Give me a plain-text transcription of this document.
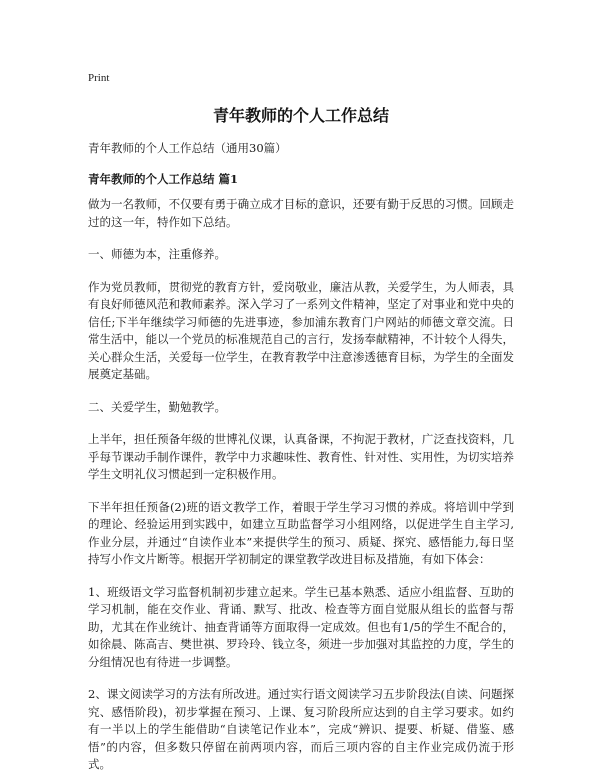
Print

青年教师的个人工作总结

青年教师的个人工作总结（通用30篇）

青年教师的个人工作总结 篇1

做为一名教师，不仅要有勇于确立成才目标的意识，还要有勤于反思的习惯。回顾走过的这一年，特作如下总结。

一、师德为本，注重修养。

作为党员教师，贯彻党的教育方针，爱岗敬业，廉洁从教，关爱学生，为人师表，具有良好师德风范和教师素养。深入学习了一系列文件精神，坚定了对事业和党中央的信任;下半年继续学习师德的先进事迹，参加浦东教育门户网站的师德文章交流。日常生活中，能以一个党员的标准规范自己的言行，发扬奉献精神，不计较个人得失，关心群众生活，关爱每一位学生，在教育教学中注意渗透德育目标，为学生的全面发展奠定基础。

二、关爱学生，勤勉教学。

上半年，担任预备年级的世博礼仪课，认真备课，不拘泥于教材，广泛查找资料，几乎每节课动手制作课件，教学中力求趣味性、教育性、针对性、实用性，为切实培养学生文明礼仪习惯起到一定积极作用。

下半年担任预备(2)班的语文教学工作，着眼于学生学习习惯的养成。将培训中学到的理论、经验运用到实践中，如建立互助监督学习小组网络，以促进学生自主学习,作业分层，并通过“自读作业本”来提供学生的预习、质疑、探究、感悟能力,每日坚持写小作文片断等。根据开学初制定的课堂教学改进目标及措施，有如下体会：

1、班级语文学习监督机制初步建立起来。学生已基本熟悉、适应小组监督、互助的学习机制，能在交作业、背诵、默写、批改、检查等方面自觉服从组长的监督与帮助，尤其在作业统计、抽查背诵等方面取得一定成效。但也有1/5的学生不配合的，如徐晨、陈高吉、樊世祺、罗玲玲、钱立冬，须进一步加强对其监控的力度，学生的分组情况也有待进一步调整。

2、课文阅读学习的方法有所改进。通过实行语文阅读学习五步阶段法(自读、问题探究、感悟阶段)，初步掌握在预习、上课、复习阶段所应达到的自主学习要求。如约有一半以上的学生能借助“自读笔记作业本”，完成“辨识、提要、析疑、借鉴、感悟”的内容，但多数只停留在前两项内容，而后三项内容的自主作业完成仍流于形式。
